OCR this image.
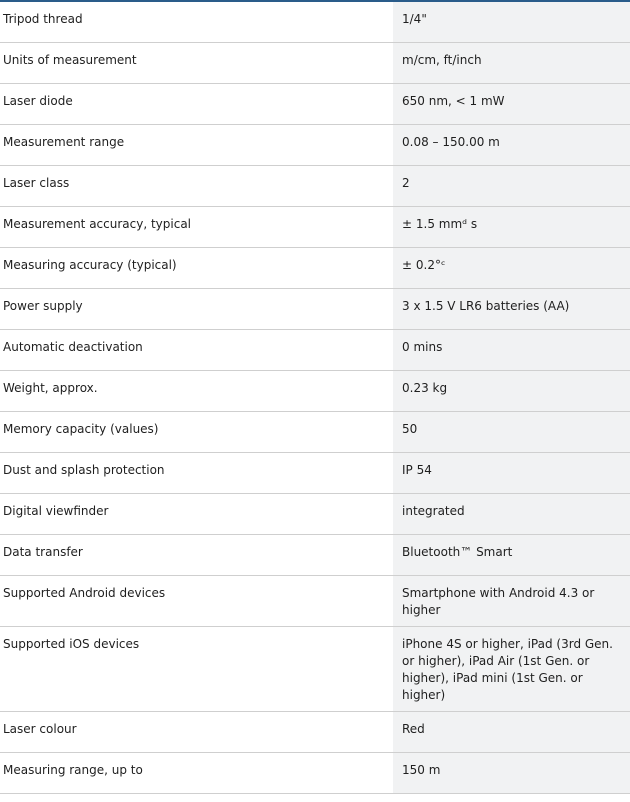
Tripod thread	1/4"
Units of measurement	m/cm, ft/inch
Laser diode	650 nm, < 1 mW
Measurement range	0.08 – 150.00 m
Laser class	2
Measurement accuracy, typical	± 1.5 mmᵈ s
Measuring accuracy (typical)	± 0.2°ᶜ
Power supply	3 x 1.5 V LR6 batteries (AA)
Automatic deactivation	0 mins
Weight, approx.	0.23 kg
Memory capacity (values)	50
Dust and splash protection	IP 54
Digital viewfinder	integrated
Data transfer	Bluetooth™ Smart
Supported Android devices	Smartphone with Android 4.3 or higher
Supported iOS devices	iPhone 4S or higher, iPad (3rd Gen. or higher), iPad Air (1st Gen. or higher), iPad mini (1st Gen. or higher)
Laser colour	Red
Measuring range, up to	150 m
